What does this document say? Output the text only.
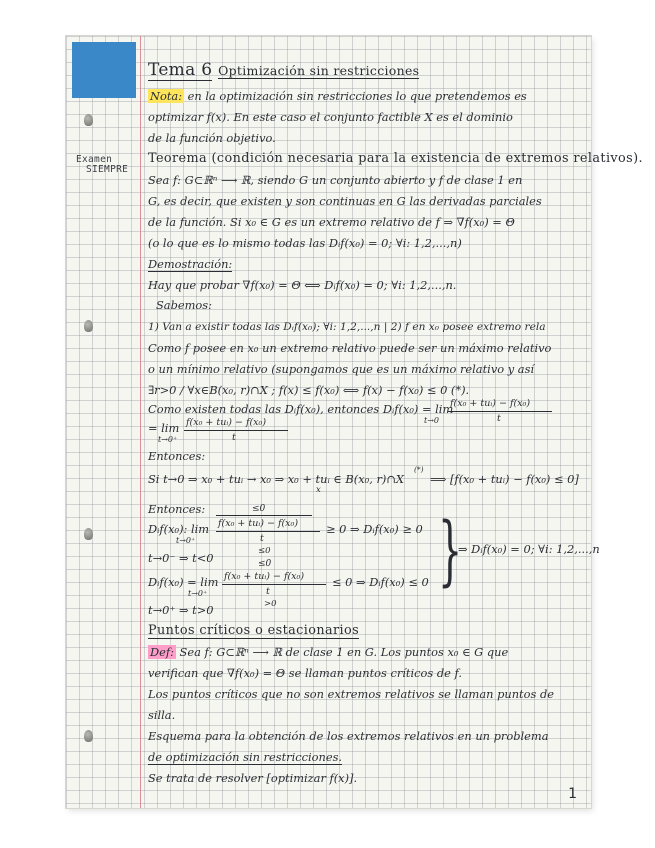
Examen
SIEMPRE
Tema 6 Optimización sin restricciones
Nota: en la optimización sin restricciones lo que pretendemos es
optimizar f(x). En este caso el conjunto factible X es el dominio
de la función objetivo.
Teorema (condición necesaria para la existencia de extremos relativos).
Sea f: G⊂ℝⁿ ⟶ ℝ, siendo G un conjunto abierto y f de clase 1 en
G, es decir, que existen y son continuas en G las derivadas parciales
de la función. Si x₀ ∈ G es un extremo relativo de f ⇒ ∇f(x₀) = Θ
(o lo que es lo mismo todas las Dᵢf(x₀) = 0; ∀i: 1,2,...,n)
Demostración:
Hay que probar ∇f(x₀) = Θ ⟺ Dᵢf(x₀) = 0; ∀i: 1,2,...,n.
Sabemos:
1) Van a existir todas las Dᵢf(x₀); ∀i: 1,2,...,n | 2) f en x₀ posee extremo rela
Como f posee en x₀ un extremo relativo puede ser un máximo relativo
o un mínimo relativo (supongamos que es un máximo relativo y así
∃r>0 / ∀x∈B(x₀, r)∩X ; f(x) ≤ f(x₀) ⟺ f(x) − f(x₀) ≤ 0 (*).
Como existen todas las Dᵢf(x₀), entonces Dᵢf(x₀) = lim
t→0
f(x₀ + tuᵢ) − f(x₀)
t
= lim
t→0⁺
f(x₀ + tuᵢ) − f(x₀)
t
Entonces:
Si t→0 ⇒ x₀ + tuᵢ → x₀ ⇒ x₀ + tuᵢ ∈ B(x₀, r)∩X
(*)
⟹ [f(x₀ + tuᵢ) − f(x₀) ≤ 0]
x
Entonces:	≤0
Dᵢf(x₀): lim
t→0⁺
f(x₀ + tuᵢ) − f(x₀)
t
≤0
≥ 0 ⇒ Dᵢf(x₀) ≥ 0
t→0⁻ ⇒ t<0	≤0
Dᵢf(x₀) = lim
t→0⁺
f(x₀ + tuᵢ) − f(x₀)
t
>0
≤ 0 ⇒ Dᵢf(x₀) ≤ 0
t→0⁺ ⇒ t>0
}
⇒ Dᵢf(x₀) = 0; ∀i: 1,2,...,n
Puntos críticos o estacionarios
Def: Sea f: G⊂ℝⁿ ⟶ ℝ de clase 1 en G. Los puntos x₀ ∈ G que
verifican que ∇f(x₀) = Θ se llaman puntos críticos de f.
Los puntos críticos que no son extremos relativos se llaman puntos de
silla.
Esquema para la obtención de los extremos relativos en un problema
de optimización sin restricciones.
Se trata de resolver [optimizar f(x)].
1
